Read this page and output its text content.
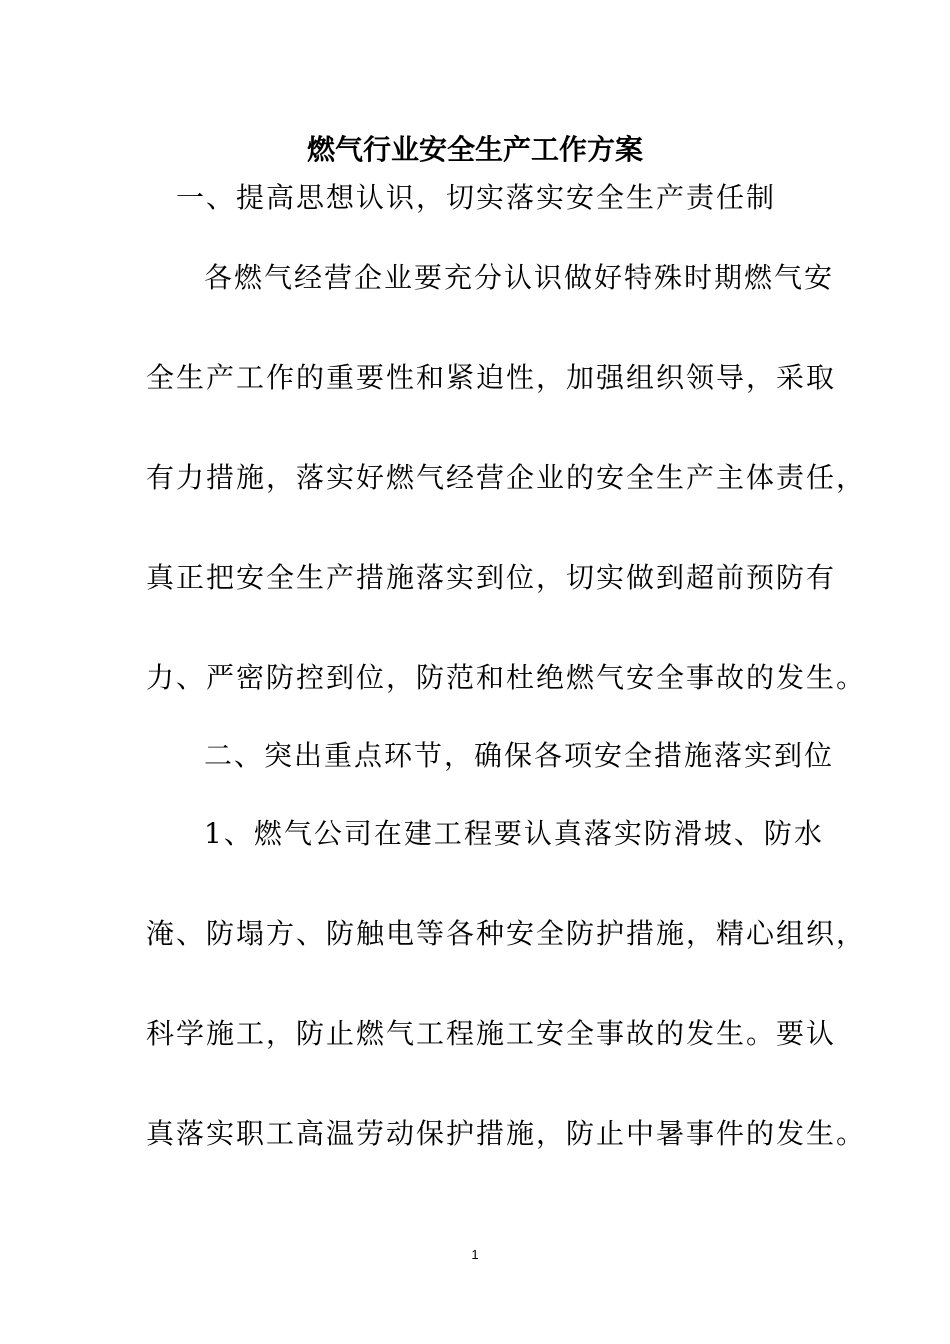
燃气行业安全生产工作方案
一、提高思想认识，切实落实安全生产责任制
各燃气经营企业要充分认识做好特殊时期燃气安
全生产工作的重要性和紧迫性，加强组织领导，采取
有力措施，落实好燃气经营企业的安全生产主体责任，
真正把安全生产措施落实到位，切实做到超前预防有
力、严密防控到位，防范和杜绝燃气安全事故的发生。
二、突出重点环节，确保各项安全措施落实到位
1、燃气公司在建工程要认真落实防滑坡、防水
淹、防塌方、防触电等各种安全防护措施，精心组织，
科学施工，防止燃气工程施工安全事故的发生。要认
真落实职工高温劳动保护措施，防止中暑事件的发生。
1
